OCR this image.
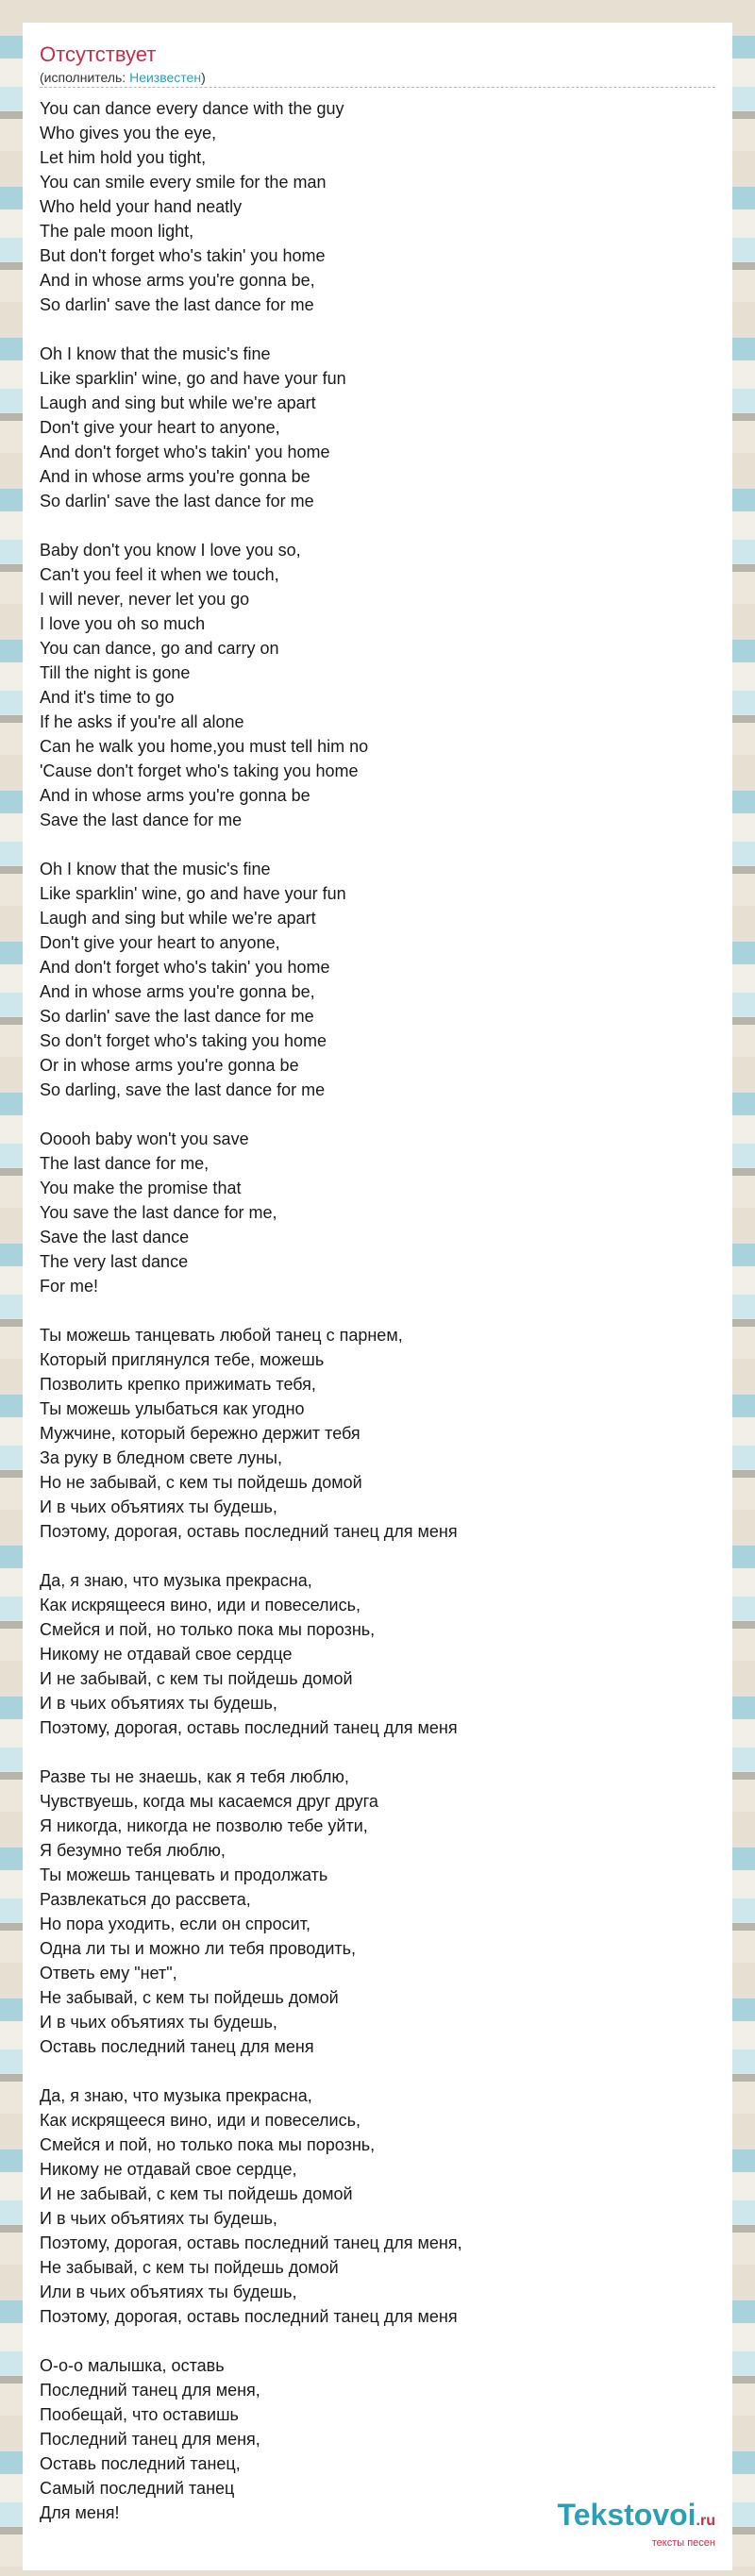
Отсутствует
(исполнитель: Неизвестен)
You can dance every dance with the guy
Who gives you the eye,
Let him hold you tight,
You can smile every smile for the man
Who held your hand neatly
The pale moon light,
But don't forget who's takin' you home
And in whose arms you're gonna be,
So darlin' save the last dance for me
Oh I know that the music's fine
Like sparklin' wine, go and have your fun
Laugh and sing but while we're apart
Don't give your heart to anyone,
And don't forget who's takin' you home
And in whose arms you're gonna be
So darlin' save the last dance for me
Baby don't you know I love you so,
Can't you feel it when we touch,
I will never, never let you go
I love you oh so much
You can dance, go and carry on
Till the night is gone
And it's time to go
If he asks if you're all alone
Can he walk you home,you must tell him no
'Cause don't forget who's taking you home
And in whose arms you're gonna be
Save the last dance for me
Oh I know that the music's fine
Like sparklin' wine, go and have your fun
Laugh and sing but while we're apart
Don't give your heart to anyone,
And don't forget who's takin' you home
And in whose arms you're gonna be,
So darlin' save the last dance for me
So don't forget who's taking you home
Or in whose arms you're gonna be
So darling, save the last dance for me
Ooooh baby won't you save
The last dance for me,
You make the promise that
You save the last dance for me,
Save the last dance
The very last dance
For me!
Ты можешь танцевать любой танец с парнем,
Который приглянулся тебе, можешь
Позволить крепко прижимать тебя,
Ты можешь улыбаться как угодно
Мужчине, который бережно держит тебя
За руку в бледном свете луны,
Но не забывай, с кем ты пойдешь домой
И в чьих объятиях ты будешь,
Поэтому, дорогая, оставь последний танец для меня
Да, я знаю, что музыка прекрасна,
Как искрящееся вино, иди и повеселись,
Смейся и пой, но только пока мы порознь,
Никому не отдавай свое сердце
И не забывай, с кем ты пойдешь домой
И в чьих объятиях ты будешь,
Поэтому, дорогая, оставь последний танец для меня
Разве ты не знаешь, как я тебя люблю,
Чувствуешь, когда мы касаемся друг друга
Я никогда, никогда не позволю тебе уйти,
Я безумно тебя люблю,
Ты можешь танцевать и продолжать
Развлекаться до рассвета,
Но пора уходить, если он спросит,
Одна ли ты и можно ли тебя проводить,
Ответь ему "нет",
Не забывай, с кем ты пойдешь домой
И в чьих объятиях ты будешь,
Оставь последний танец для меня
Да, я знаю, что музыка прекрасна,
Как искрящееся вино, иди и повеселись,
Смейся и пой, но только пока мы порознь,
Никому не отдавай свое сердце,
И не забывай, с кем ты пойдешь домой
И в чьих объятиях ты будешь,
Поэтому, дорогая, оставь последний танец для меня,
Не забывай, с кем ты пойдешь домой
Или в чьих объятиях ты будешь,
Поэтому, дорогая, оставь последний танец для меня
О-о-о малышка, оставь
Последний танец для меня,
Пообещай, что оставишь
Последний танец для меня,
Оставь последний танец,
Самый последний танец
Для меня!	Tekstovoi.ru
тексты песен
